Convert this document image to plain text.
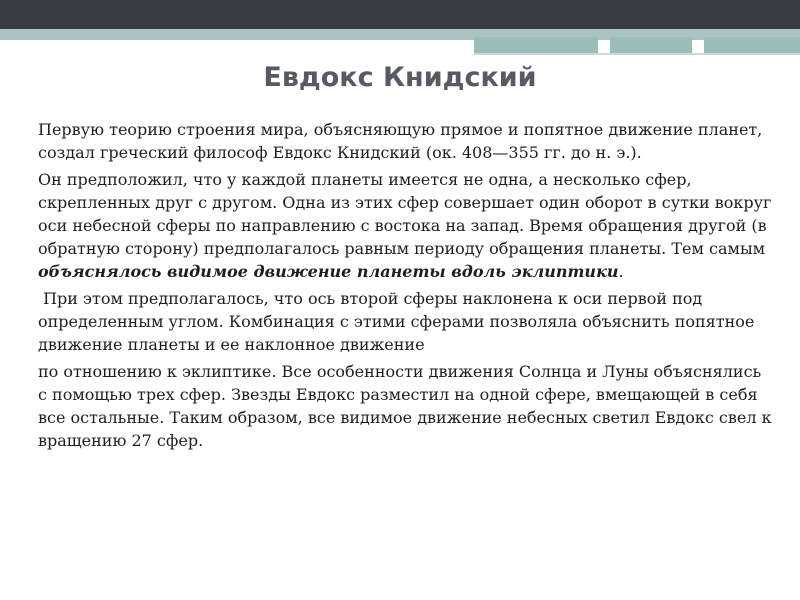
Евдокс Книдский

Первую теорию строения мира, объясняющую прямое и попятное движение планет, создал греческий философ Евдокс Книдский (ок. 408—355 гг. до н. э.).

Он предположил, что у каждой планеты имеется не одна, а несколько сфер, скрепленных друг с другом. Одна из этих сфер совершает один оборот в сутки вокруг оси небесной сферы по направлению с востока на запад. Время обращения другой (в обратную сторону) предполагалось равным периоду обращения планеты. Тем самым объяснялось видимое движение планеты вдоль эклиптики.

При этом предполагалось, что ось второй сферы наклонена к оси первой под определенным углом. Комбинация с этими сферами позволяла объяснить попятное движение планеты и ее наклонное движение

по отношению к эклиптике. Все особенности движения Солнца и Луны объяснялись с помощью трех сфер. Звезды Евдокс разместил на одной сфере, вмещающей в себя все остальные. Таким образом, все видимое движение небесных светил Евдокс свел к вращению 27 сфер.
